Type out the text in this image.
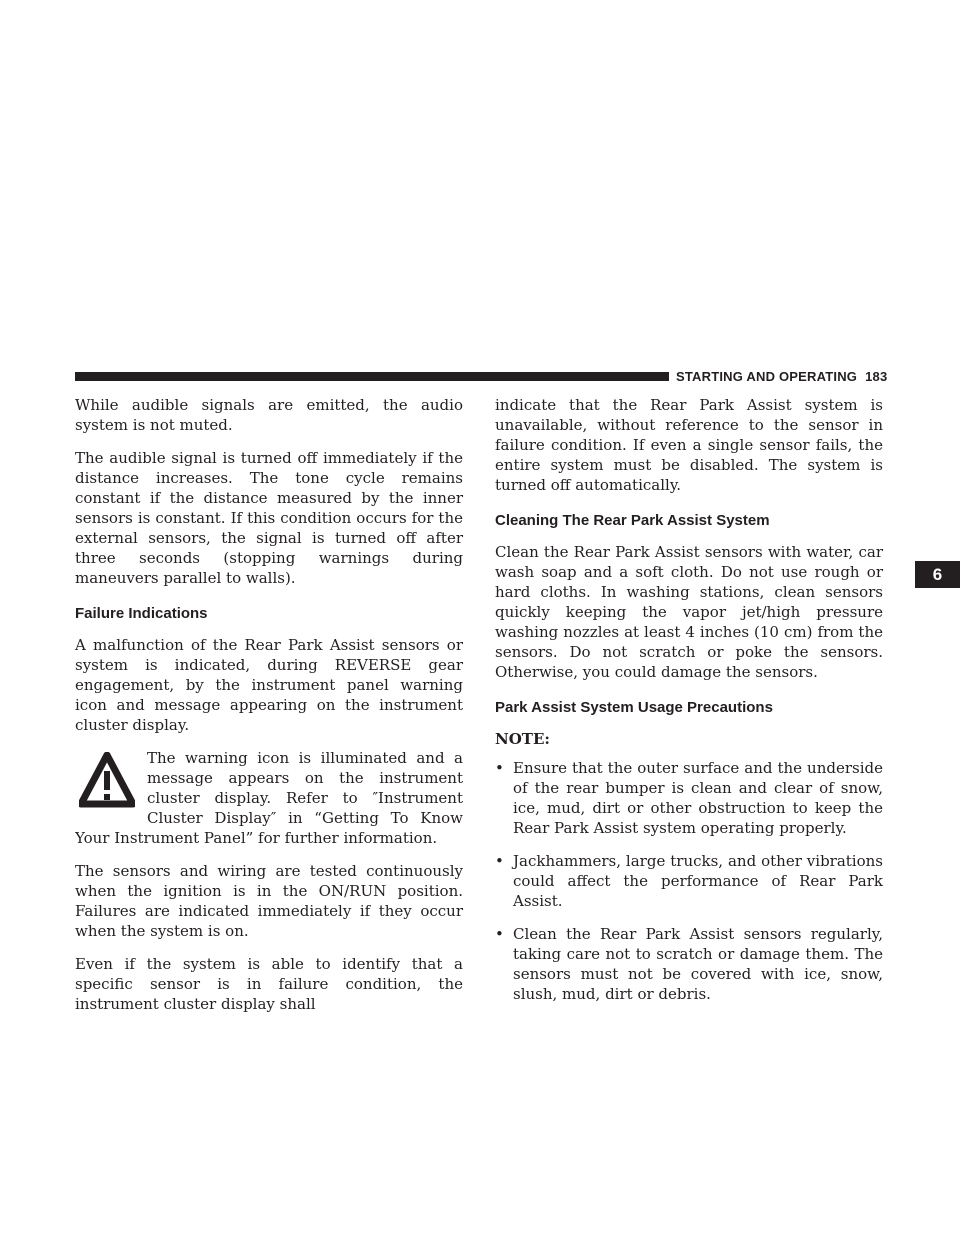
STARTING AND OPERATING 183
6

While audible signals are emitted, the audio system is not muted.

The audible signal is turned off immediately if the distance increases. The tone cycle remains constant if the distance measured by the inner sensors is constant. If this condition occurs for the external sensors, the signal is turned off after three seconds (stopping warnings during maneuvers parallel to walls).

Failure Indications

A malfunction of the Rear Park Assist sensors or system is indicated, during REVERSE gear engagement, by the instrument panel warning icon and message appearing on the instrument cluster display.

The warning icon is illuminated and a message appears on the instrument cluster display. Refer to ″Instrument Cluster Display″ in “Getting To Know Your Instrument Panel” for further information.

The sensors and wiring are tested continuously when the ignition is in the ON/RUN position. Failures are indicated immediately if they occur when the system is on.

Even if the system is able to identify that a specific sensor is in failure condition, the instrument cluster display shall

indicate that the Rear Park Assist system is unavailable, without reference to the sensor in failure condition. If even a single sensor fails, the entire system must be disabled. The system is turned off automatically.

Cleaning The Rear Park Assist System

Clean the Rear Park Assist sensors with water, car wash soap and a soft cloth. Do not use rough or hard cloths. In washing stations, clean sensors quickly keeping the vapor jet/high pressure washing nozzles at least 4 inches (10 cm) from the sensors. Do not scratch or poke the sensors. Otherwise, you could damage the sensors.

Park Assist System Usage Precautions
NOTE:
• Ensure that the outer surface and the underside of the rear bumper is clean and clear of snow, ice, mud, dirt or other obstruction to keep the Rear Park Assist system operating properly.
• Jackhammers, large trucks, and other vibrations could affect the performance of Rear Park Assist.
• Clean the Rear Park Assist sensors regularly, taking care not to scratch or damage them. The sensors must not be covered with ice, snow, slush, mud, dirt or debris.
